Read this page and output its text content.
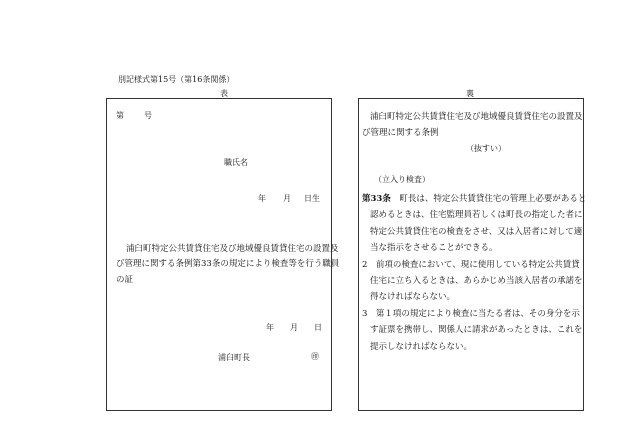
別記様式第15号（第16条関係）
表	裏
第	号
職氏名
年 月 日生
浦臼町特定公共賃貸住宅及び地域優良賃貸住宅の設置及
び管理に関する条例第33条の規定により検査等を行う職員
の証
年 月 日
浦臼町長	㊞
浦臼町特定公共賃貸住宅及び地域優良賃貸住宅の設置及
び管理に関する条例
（抜すい）
（立入り検査）
第33条　町長は、特定公共賃貸住宅の管理上必要があると
認めるときは、住宅監理員若しくは町長の指定した者に
特定公共賃貸住宅の検査をさせ、又は入居者に対して適
当な指示をさせることができる。
2　前項の検査において、現に使用している特定公共賃貸
住宅に立ち入るときは、あらかじめ当該入居者の承諾を
得なければならない。
3　第１項の規定により検査に当たる者は、その身分を示
す証票を携帯し、関係人に請求があったときは、これを
提示しなければならない。
